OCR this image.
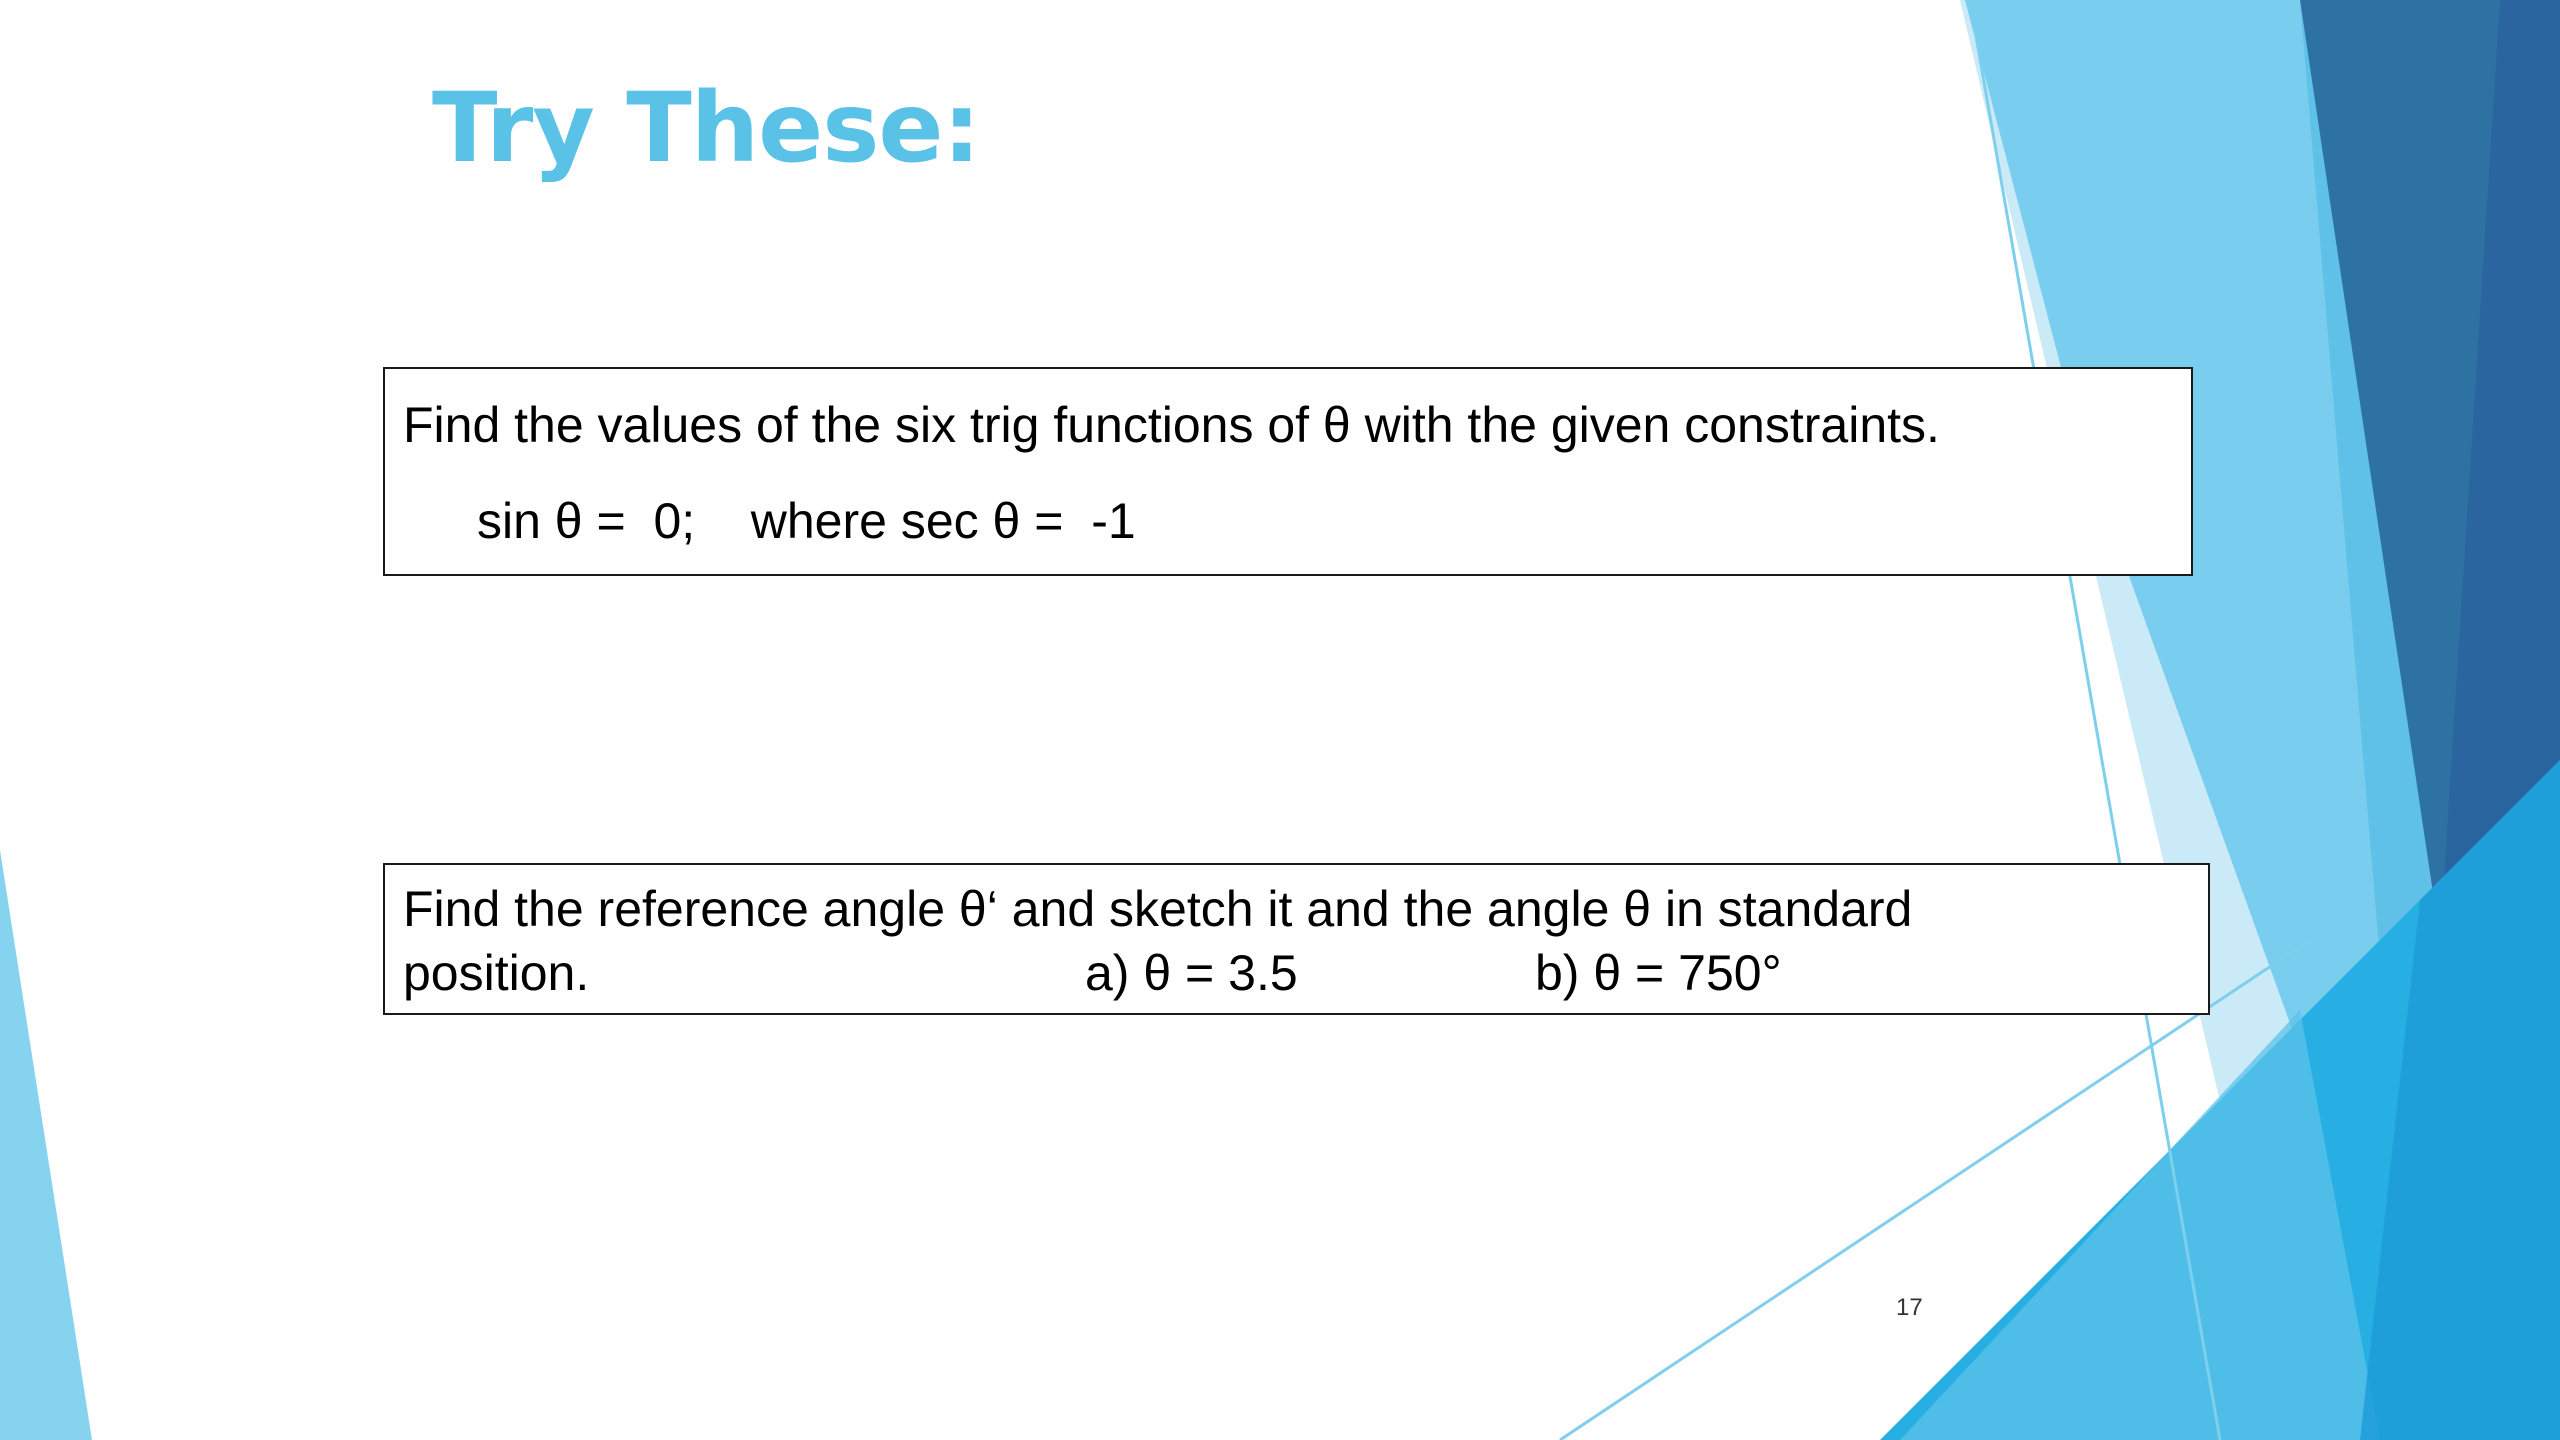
Try These:
Find the values of the six trig functions of θ with the given constraints.
sin θ =  0;    where sec θ =  -1
Find the reference angle θ‘ and sketch it and the angle θ in standard
position.	a) θ = 3.5	b) θ = 750°
17
